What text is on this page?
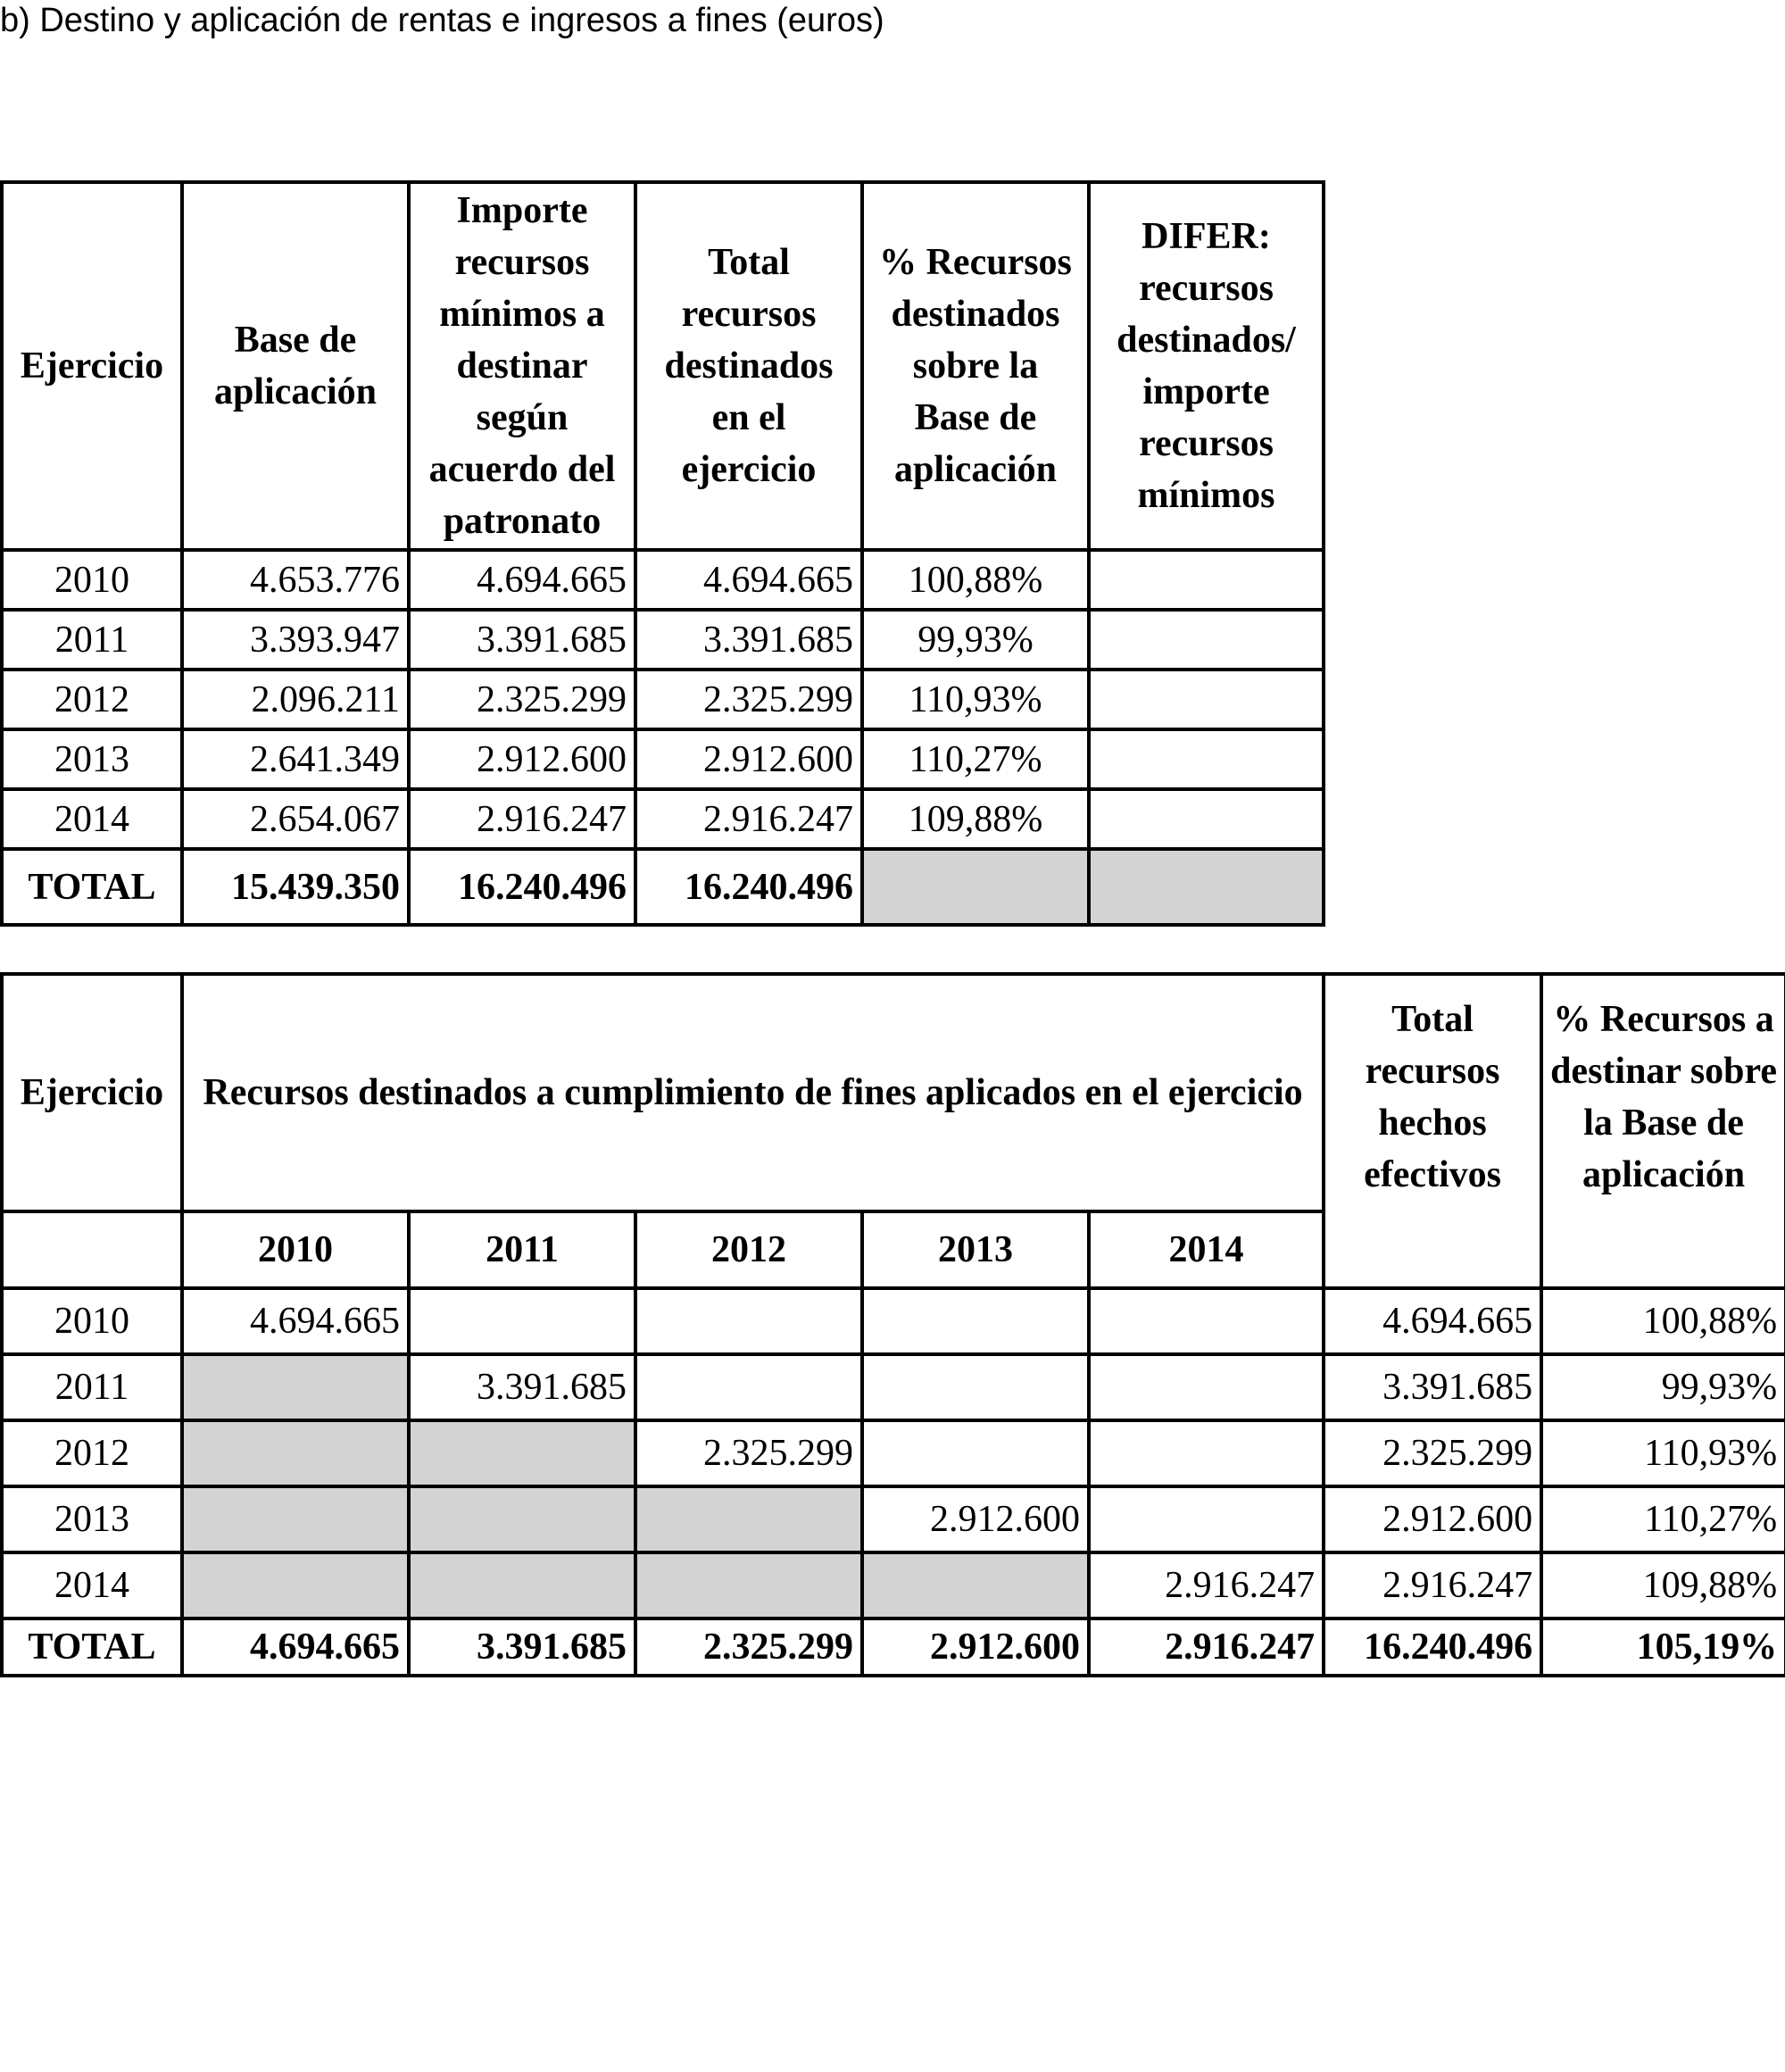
b) Destino y aplicación de rentas e ingresos a fines (euros)
Ejercicio	Base de aplicación	Importe recursos mínimos a destinar según acuerdo del patronato	Total recursos destinados en el ejercicio	% Recursos destinados sobre la Base de aplicación	DIFER: recursos destinados/ importe recursos mínimos
2010	4.653.776	4.694.665	4.694.665	100,88%	
2011	3.393.947	3.391.685	3.391.685	99,93%	
2012	2.096.211	2.325.299	2.325.299	110,93%	
2013	2.641.349	2.912.600	2.912.600	110,27%	
2014	2.654.067	2.916.247	2.916.247	109,88%	
TOTAL	15.439.350	16.240.496	16.240.496		
Ejercicio	Recursos destinados a cumplimiento de fines aplicados en el ejercicio					Total recursos hechos efectivos	% Recursos a destinar sobre la Base de aplicación
	2010	2011	2012	2013	2014		
2010	4.694.665					4.694.665	100,88%
2011		3.391.685				3.391.685	99,93%
2012			2.325.299			2.325.299	110,93%
2013				2.912.600		2.912.600	110,27%
2014					2.916.247	2.916.247	109,88%
TOTAL	4.694.665	3.391.685	2.325.299	2.912.600	2.916.247	16.240.496	105,19%
